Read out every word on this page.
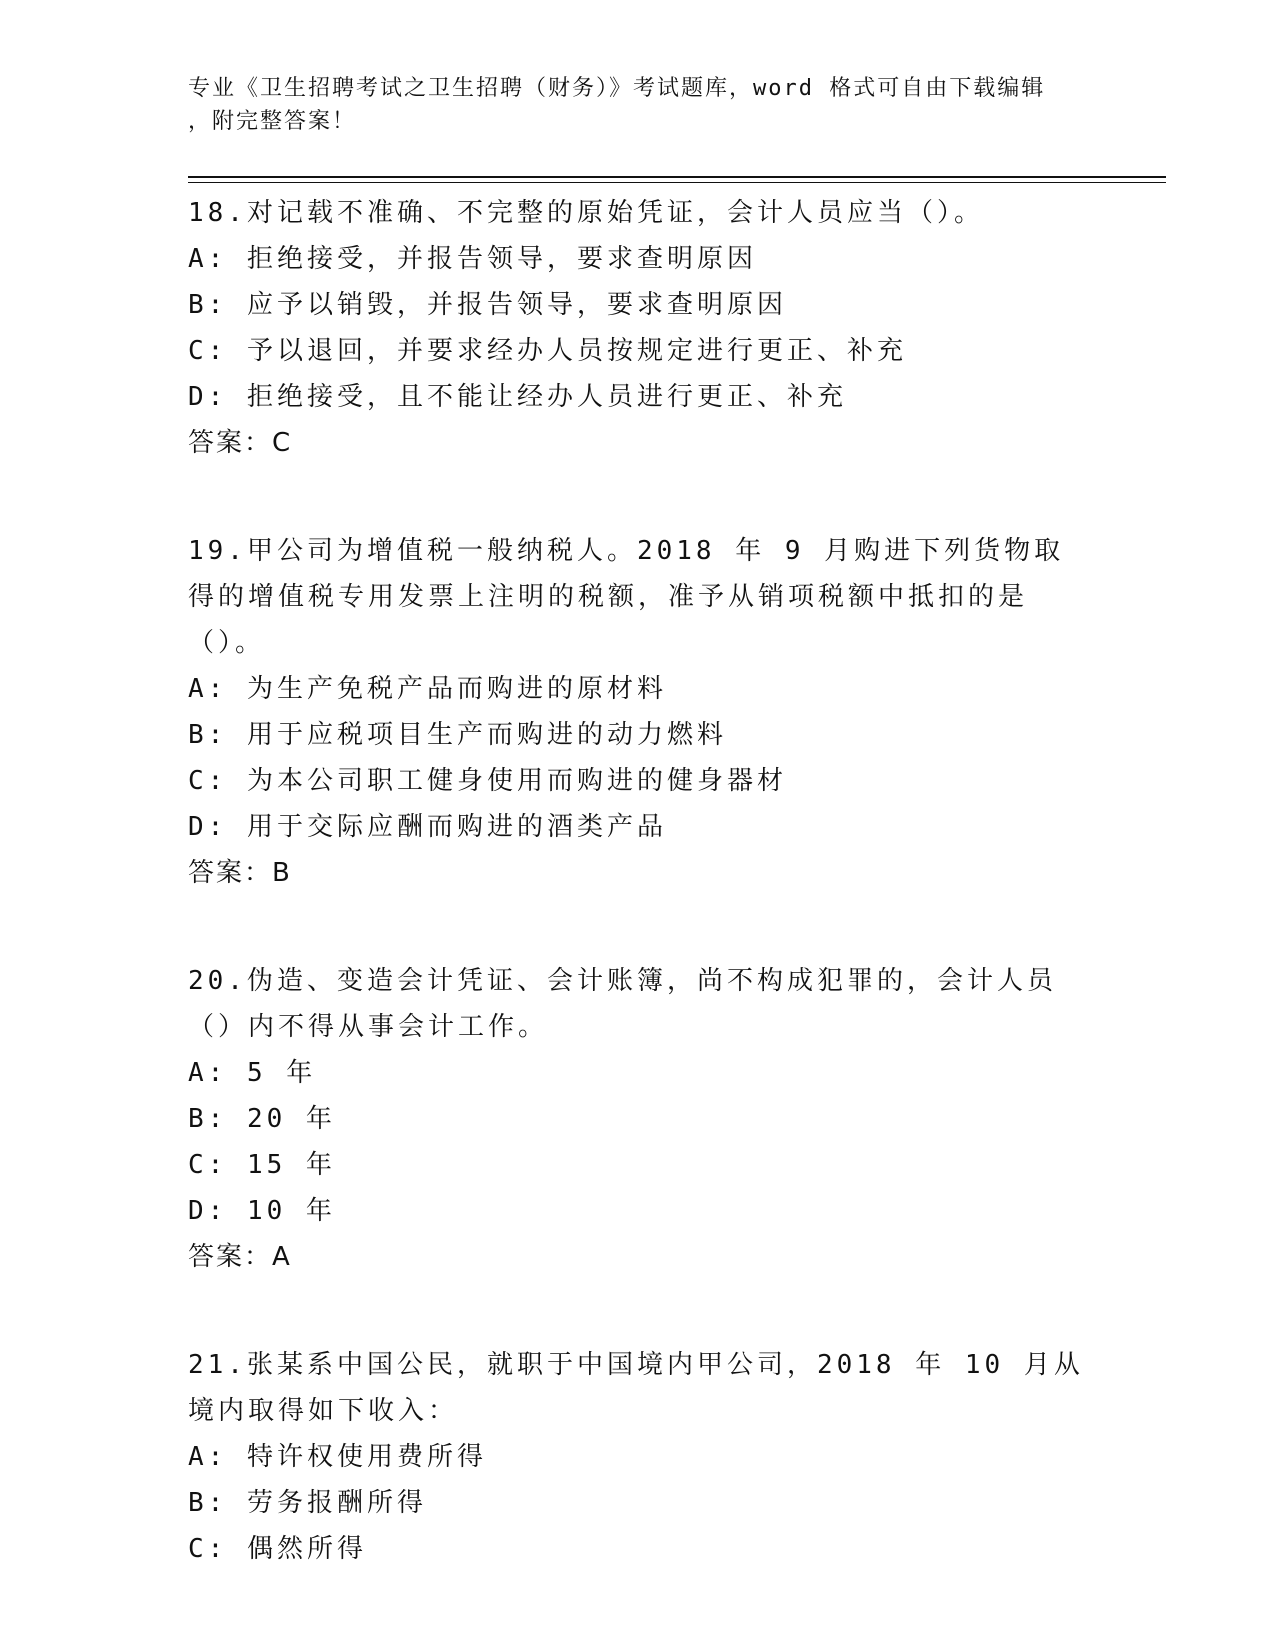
专业《卫生招聘考试之卫生招聘（财务）》考试题库，word 格式可自由下载编辑
，附完整答案！
18.对记载不准确、不完整的原始凭证，会计人员应当（）。
A: 拒绝接受，并报告领导，要求查明原因
B: 应予以销毁，并报告领导，要求查明原因
C: 予以退回，并要求经办人员按规定进行更正、补充
D: 拒绝接受，且不能让经办人员进行更正、补充
答案：C
19.甲公司为增值税一般纳税人。2018 年 9 月购进下列货物取得的增值税专用发票上注明的税额，准予从销项税额中抵扣的是（）。
A: 为生产免税产品而购进的原材料
B: 用于应税项目生产而购进的动力燃料
C: 为本公司职工健身使用而购进的健身器材
D: 用于交际应酬而购进的酒类产品
答案：B
20.伪造、变造会计凭证、会计账簿，尚不构成犯罪的，会计人员（）内不得从事会计工作。
A: 5 年
B: 20 年
C: 15 年
D: 10 年
答案：A
21.张某系中国公民，就职于中国境内甲公司，2018 年 10 月从境内取得如下收入：
A: 特许权使用费所得
B: 劳务报酬所得
C: 偶然所得
